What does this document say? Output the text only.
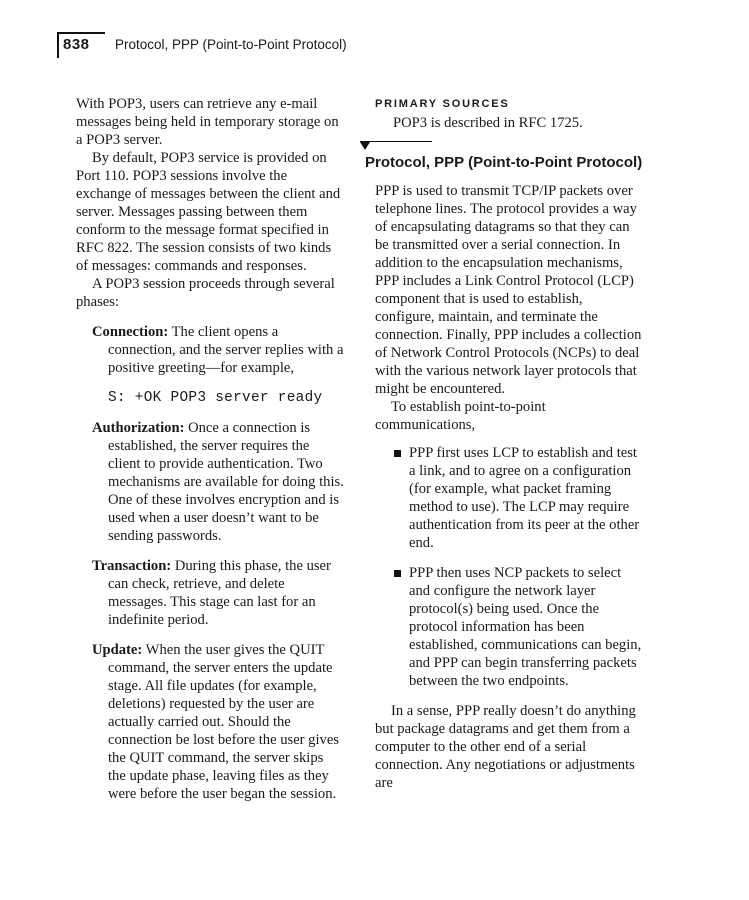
838 Protocol, PPP (Point-to-Point Protocol)

With POP3, users can retrieve any e-mail messages being held in temporary storage on a POP3 server.

By default, POP3 service is provided on Port 110. POP3 sessions involve the exchange of messages between the client and server. Messages passing between them conform to the message format specified in RFC 822. The session consists of two kinds of messages: commands and responses.

A POP3 session proceeds through several phases:

Connection: The client opens a connection, and the server replies with a positive greeting—for example,

S: +OK POP3 server ready

Authorization: Once a connection is established, the server requires the client to provide authentication. Two mechanisms are available for doing this. One of these involves encryption and is used when a user doesn’t want to be sending passwords.

Transaction: During this phase, the user can check, retrieve, and delete messages. This stage can last for an indefinite period.

Update: When the user gives the QUIT command, the server enters the update stage. All file updates (for example, deletions) requested by the user are actually carried out. Should the connection be lost before the user gives the QUIT command, the server skips the update phase, leaving files as they were before the user began the session.

PRIMARY SOURCES

POP3 is described in RFC 1725.

Protocol, PPP (Point-to-Point Protocol)

PPP is used to transmit TCP/IP packets over telephone lines. The protocol provides a way of encapsulating datagrams so that they can be transmitted over a serial connection. In addition to the encapsulation mechanisms, PPP includes a Link Control Protocol (LCP) component that is used to establish, configure, maintain, and terminate the connection. Finally, PPP includes a collection of Network Control Protocols (NCPs) to deal with the various network layer protocols that might be encountered.

To establish point-to-point communications,

PPP first uses LCP to establish and test a link, and to agree on a configuration (for example, what packet framing method to use). The LCP may require authentication from its peer at the other end.
PPP then uses NCP packets to select and configure the network layer protocol(s) being used. Once the protocol information has been established, communications can begin, and PPP can begin transferring packets between the two endpoints.

In a sense, PPP really doesn’t do anything but package datagrams and get them from a computer to the other end of a serial connection. Any negotiations or adjustments are
